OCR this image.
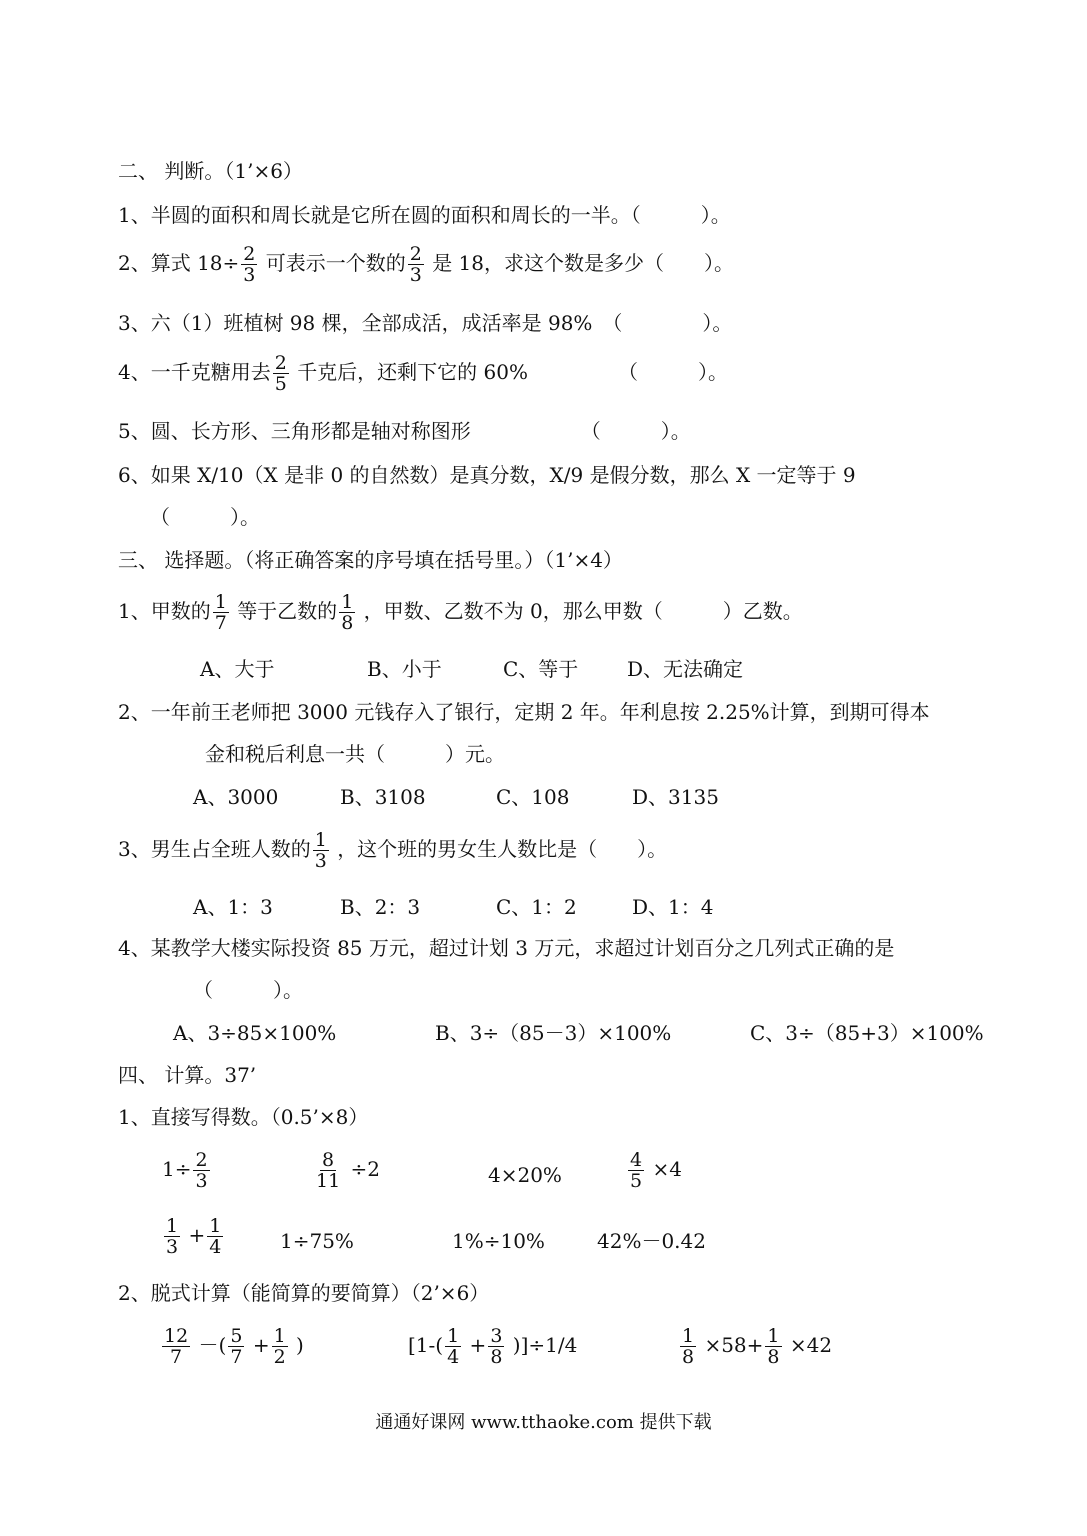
二、 判断。（1’×6）
1、半圆的面积和周长就是它所在圆的面积和周长的一半。（　　　）。
2、算式 $18\div \frac{2}{3}$ 可表示一个数的 $\frac{2}{3}$ 是 18，求这个数是多少（　　）。
3、六（1）班植树 98 棵，全部成活，成活率是 98%　（　　　　）。
4、一千克糖用去 $\frac{2}{5}$ 千克后，还剩下它的 60%　　　　　（　　　）。
5、圆、长方形、三角形都是轴对称图形　　　　　　（　　　）。
6、如果 X/10（X 是非 0 的自然数）是真分数，X/9 是假分数，那么 X 一定等于 9
（　　　）。
三、 选择题。（将正确答案的序号填在括号里。）（1’×4）
1、甲数的 $\frac{1}{7}$ 等于乙数的 $\frac{1}{8}$ ，甲数、乙数不为 0，那么甲数（　　　）乙数。
A、大于	B、小于	C、等于 D、无法确定
2、一年前王老师把 3000 元钱存入了银行，定期 2 年。年利息按 2.25%计算，到期可得本
金和税后利息一共（　　　）元。
A、3000	B、3108	C、108	D、3135
3、男生占全班人数的 $\frac{1}{3}$ ，这个班的男女生人数比是（　　）。
A、1：3	B、2：3	C、1：2	D、1：4
4、某教学大楼实际投资 85 万元，超过计划 3 万元，求超过计划百分之几列式正确的是
（　　　）。
A、3÷85×100%	B、3÷（85－3）×100%	C、3÷（85+3）×100%
四、 计算。37’
1、直接写得数。（0.5’×8）
$1\div \frac{2}{3}$	$\frac{8}{11} \div 2$	4×20%	$\frac{4}{5} \times 4$
$\frac{1}{3} + \frac{1}{4}$	1÷75%	1%÷10%	42%－0.42
2、脱式计算（能简算的要简算）（2’×6）
$\frac{12}{7}$ －( $\frac{5}{7} + \frac{1}{2}$ )	$[1-( \frac{1}{4} + \frac{3}{8} )]\div 1/4$	$\frac{1}{8} \times 58+ \frac{1}{8} \times 42$
通通好课网 www.tthaoke.com 提供下载
